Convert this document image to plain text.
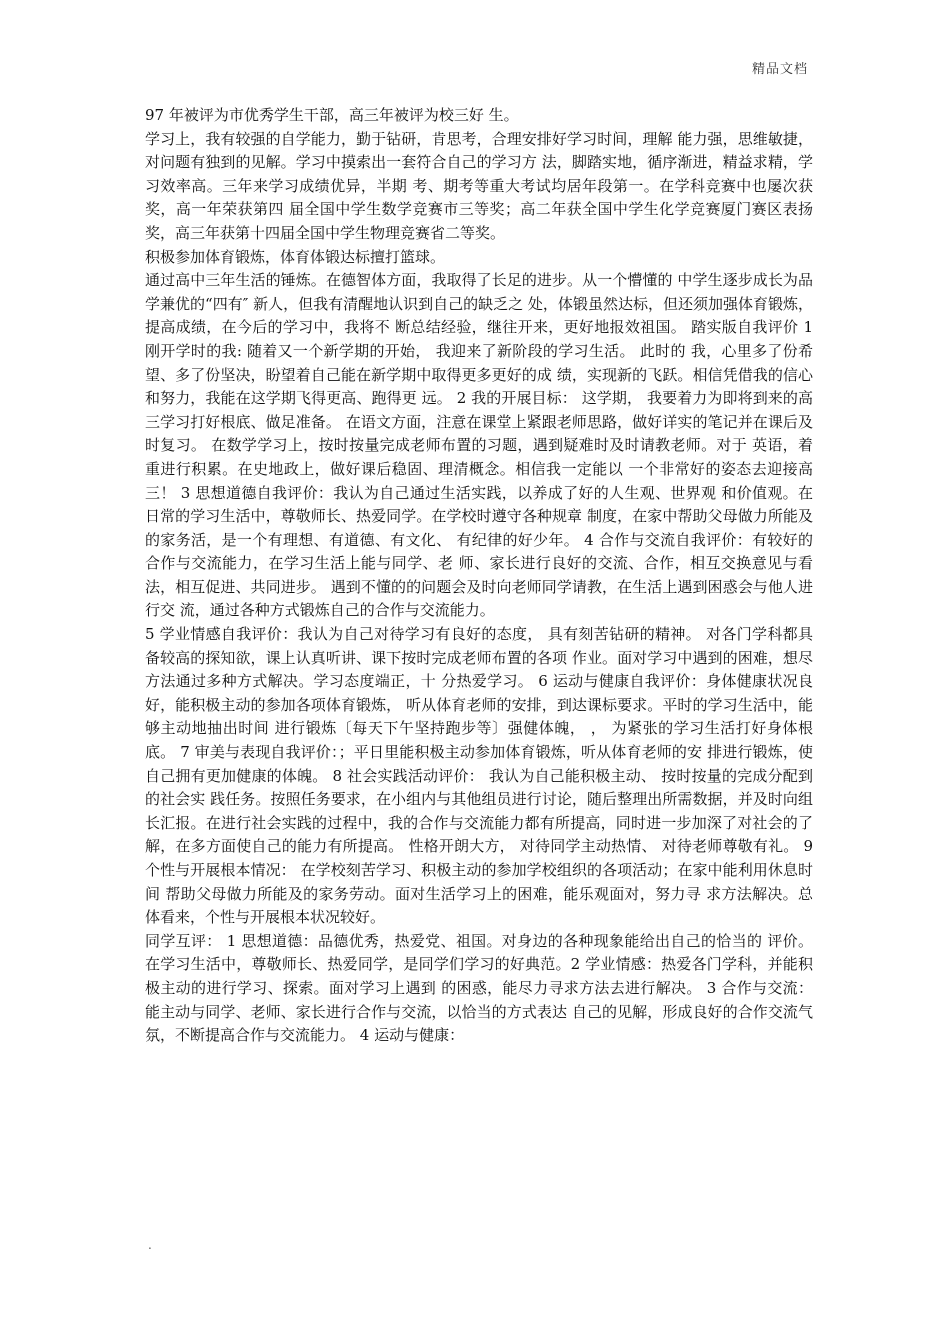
精品文档

97 年被评为市优秀学生干部，高三年被评为校三好 生。

学习上，我有较强的自学能力，勤于钻研，肯思考，合理安排好学习时间，理解 能力强，思维敏捷，对问题有独到的见解。学习中摸索出一套符合自己的学习方 法，脚踏实地，循序渐进，精益求精，学习效率高。三年来学习成绩优异，半期 考、期考等重大考试均居年段第一。在学科竞赛中也屡次获奖，高一年荣获第四 届全国中学生数学竞赛市三等奖；高二年获全国中学生化学竞赛厦门赛区表扬 奖，高三年获第十四届全国中学生物理竞赛省二等奖。

积极参加体育锻炼，体育体锻达标擅打篮球。

通过高中三年生活的锤炼。在德智体方面，我取得了长足的进步。从一个懵懂的 中学生逐步成长为品学兼优的“四有″ 新人，但我有清醒地认识到自己的缺乏之 处，体锻虽然达标，但还须加强体育锻炼，提高成绩，在今后的学习中，我将不 断总结经验，继往开来，更好地报效祖国。 踏实版自我评价 1 刚开学时的我: 随着又一个新学期的开始， 我迎来了新阶段的学习生活。 此时的 我，心里多了份希望、多了份坚决，盼望着自己能在新学期中取得更多更好的成 绩，实现新的飞跃。相信凭借我的信心和努力，我能在这学期飞得更高、跑得更 远。 2 我的开展目标： 这学期， 我要着力为即将到来的高三学习打好根底、做足准备。 在语文方面，注意在课堂上紧跟老师思路，做好详实的笔记并在课后及时复习。 在数学学习上，按时按量完成老师布置的习题，遇到疑难时及时请教老师。对于 英语，着重进行积累。在史地政上，做好课后稳固、理清概念。相信我一定能以 一个非常好的姿态去迎接高三！ 3 思想道德自我评价：我认为自己通过生活实践，以养成了好的人生观、世界观 和价值观。在日常的学习生活中，尊敬师长、热爱同学。在学校时遵守各种规章 制度，在家中帮助父母做力所能及的家务活，是一个有理想、有道德、有文化、 有纪律的好少年。 4 合作与交流自我评价：有较好的合作与交流能力，在学习生活上能与同学、老 师、家长进行良好的交流、合作，相互交换意见与看法，相互促进、共同进步。 遇到不懂的的问题会及时向老师同学请教，在生活上遇到困惑会与他人进行交 流，通过各种方式锻炼自己的合作与交流能力。

5 学业情感自我评价：我认为自己对待学习有良好的态度， 具有刻苦钻研的精神。 对各门学科都具备较高的探知欲，课上认真听讲、课下按时完成老师布置的各项 作业。面对学习中遇到的困难，想尽方法通过多种方式解决。学习态度端正，十 分热爱学习。 6 运动与健康自我评价：身体健康状况良好，能积极主动的参加各项体育锻炼， 听从体育老师的安排，到达课标要求。平时的学习生活中，能够主动地抽出时间 进行锻炼〔每天下午坚持跑步等〕强健体魄， ， 为紧张的学习生活打好身体根底。 7 审美与表现自我评价：；平日里能积极主动参加体育锻炼，听从体育老师的安 排进行锻炼，使自己拥有更加健康的体魄。 8 社会实践活动评价： 我认为自己能积极主动、 按时按量的完成分配到的社会实 践任务。按照任务要求，在小组内与其他组员进行讨论，随后整理出所需数据，并及时向组长汇报。在进行社会实践的过程中，我的合作与交流能力都有所提高，同时进一步加深了对社会的了解，在多方面使自己的能力有所提高。 性格开朗大方， 对待同学主动热情、 对待老师尊敬有礼。 9 个性与开展根本情况： 在学校刻苦学习、积极主动的参加学校组织的各项活动；在家中能利用休息时间 帮助父母做力所能及的家务劳动。面对生活学习上的困难，能乐观面对，努力寻 求方法解决。总体看来，个性与开展根本状况较好。

同学互评： 1 思想道德：品德优秀，热爱党、祖国。对身边的各种现象能给出自己的恰当的 评价。在学习生活中，尊敬师长、热爱同学，是同学们学习的好典范。2 学业情感：热爱各门学科，并能积极主动的进行学习、探索。面对学习上遇到 的困惑，能尽力寻求方法去进行解决。 3 合作与交流：能主动与同学、老师、家长进行合作与交流，以恰当的方式表达 自己的见解，形成良好的合作交流气氛，不断提高合作与交流能力。 4 运动与健康：

.
